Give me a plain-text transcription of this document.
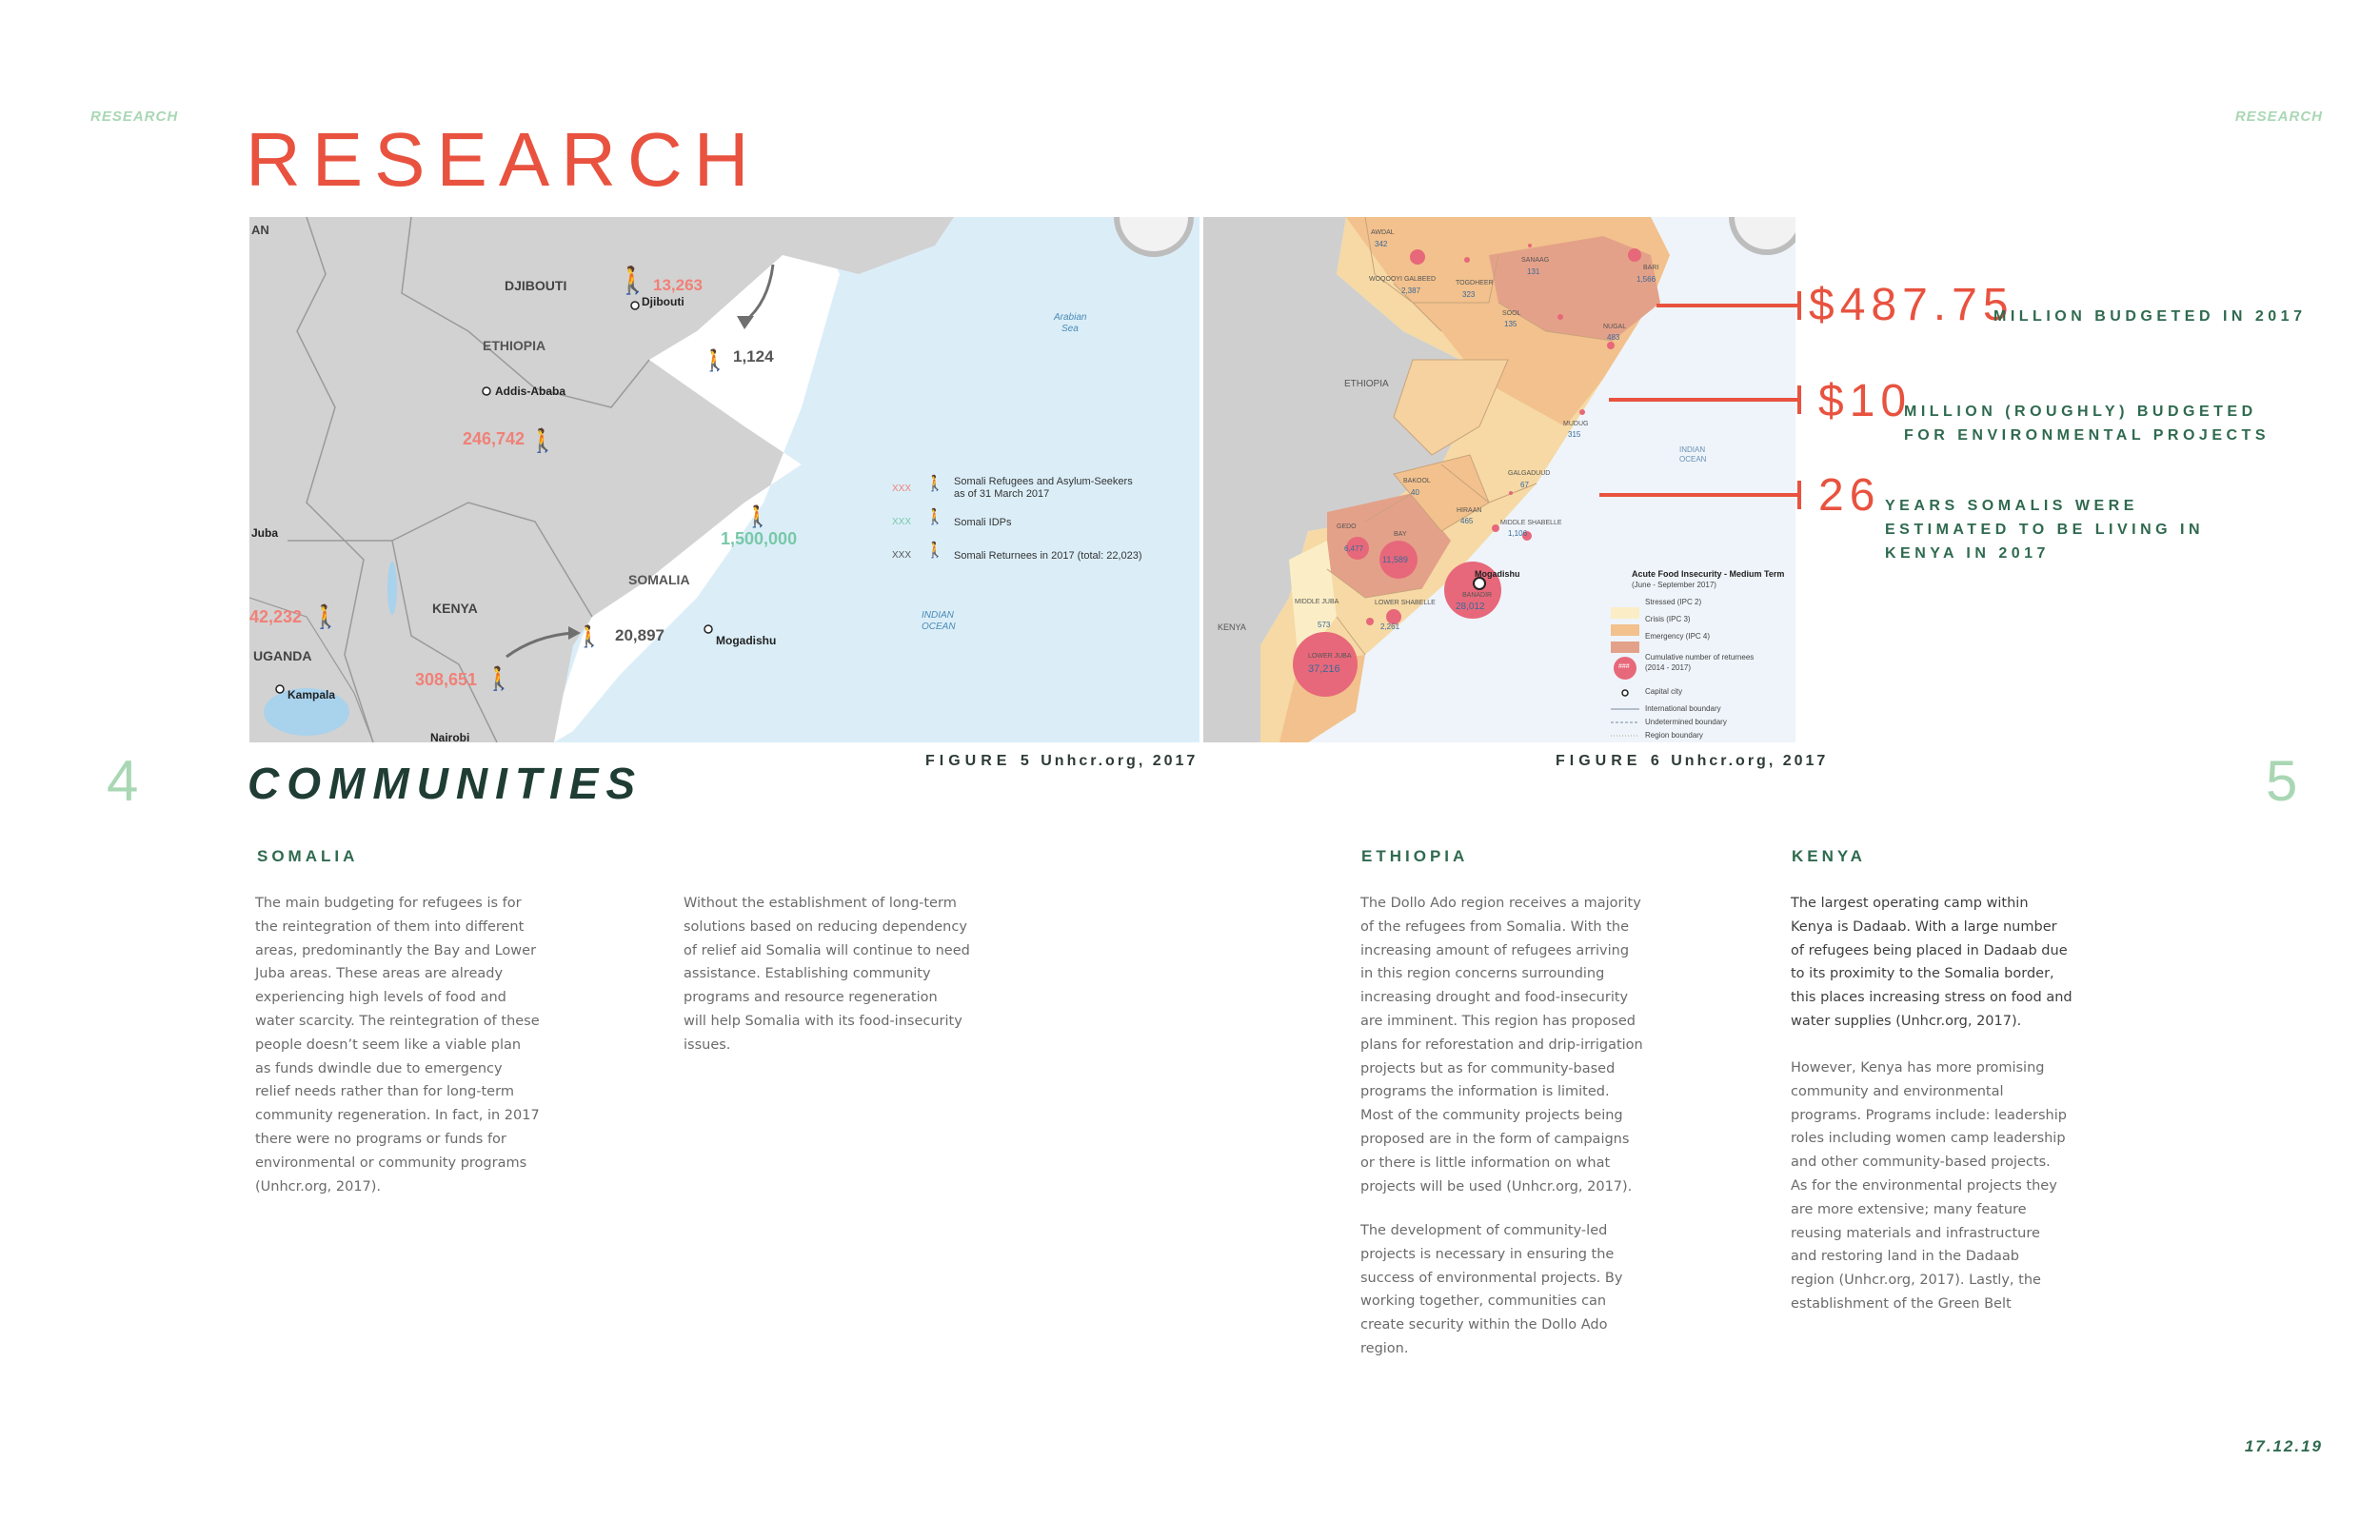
RESEARCH	RESEARCH
4	5
RESEARCH
🚶
🚶
🚶
🚶
🚶
🚶
🚶
🚶
🚶
🚶
AN
DJIBOUTI
Djibouti
13,263
1,124
ETHIOPIA
Addis-Ababa
246,742
1,500,000
SOMALIA
Mogadishu
20,897
KENYA
308,651
UGANDA
Kampala
Nairobi
42,232
Juba
Arabian
Sea
INDIAN
OCEAN
XXX
Somali Refugees and Asylum-Seekers
as of 31 March 2017
XXX	Somali IDPs
XXX	Somali Returnees in 2017 (total: 22,023)
ETHIOPIA
KENYA
INDIAN
OCEAN
Mogadishu
AWDAL
342
WOQOOYI GALBEED
2,387
TOGDHEER
323
SANAAG
131	BARI
1,566
SOOL
135	NUGAL
483
MUDUG
315
GALGADUUD
67
BAKOOL
40
HIRAAN
465	MIDDLE SHABELLE
1,106
GEDO
6,477
BAY
11,589
BANADIR
28,012
MIDDLE JUBA
573
LOWER SHABELLE
2,261
LOWER JUBA
37,216
Acute Food Insecurity - Medium Term
(June - September 2017)
Stressed (IPC 2)
Crisis (IPC 3)
Emergency (IPC 4)
###
Cumulative number of returnees
(2014 - 2017)
Capital city
International boundary
Undetermined boundary
Region boundary
FIGURE 5 Unhcr.org, 2017	FIGURE 6 Unhcr.org, 2017
$487.75
MILLION BUDGETED IN 2017
$10
MILLION (ROUGHLY) BUDGETED
FOR ENVIRONMENTAL PROJECTS
26 YEARS SOMALIS WERE
ESTIMATED TO BE LIVING IN
KENYA IN 2017
COMMUNITIES
SOMALIA
The main budgeting for refugees is for
the reintegration of them into different
areas, predominantly the Bay and Lower
Juba areas. These areas are already
experiencing high levels of food and
water scarcity. The reintegration of these
people doesn’t seem like a viable plan
as funds dwindle due to emergency
relief needs rather than for long-term
community regeneration. In fact, in 2017
there were no programs or funds for
environmental or community programs
(Unhcr.org, 2017).
Without the establishment of long-term
solutions based on reducing dependency
of relief aid Somalia will continue to need
assistance. Establishing community
programs and resource regeneration
will help Somalia with its food-insecurity
issues.
ETHIOPIA
The Dollo Ado region receives a majority
of the refugees from Somalia. With the
increasing amount of refugees arriving
in this region concerns surrounding
increasing drought and food-insecurity
are imminent. This region has proposed
plans for reforestation and drip-irrigation
projects but as for community-based
programs the information is limited.
Most of the community projects being
proposed are in the form of campaigns
or there is little information on what
projects will be used (Unhcr.org, 2017).
The development of community-led
projects is necessary in ensuring the
success of environmental projects. By
working together, communities can
create security within the Dollo Ado
region.
KENYA
The largest operating camp within
Kenya is Dadaab. With a large number
of refugees being placed in Dadaab due
to its proximity to the Somalia border,
this places increasing stress on food and
water supplies (Unhcr.org, 2017).
However, Kenya has more promising
community and environmental
programs. Programs include: leadership
roles including women camp leadership
and other community-based projects.
As for the environmental projects they
are more extensive; many feature
reusing materials and infrastructure
and restoring land in the Dadaab
region (Unhcr.org, 2017). Lastly, the
establishment of the Green Belt
17.12.19
